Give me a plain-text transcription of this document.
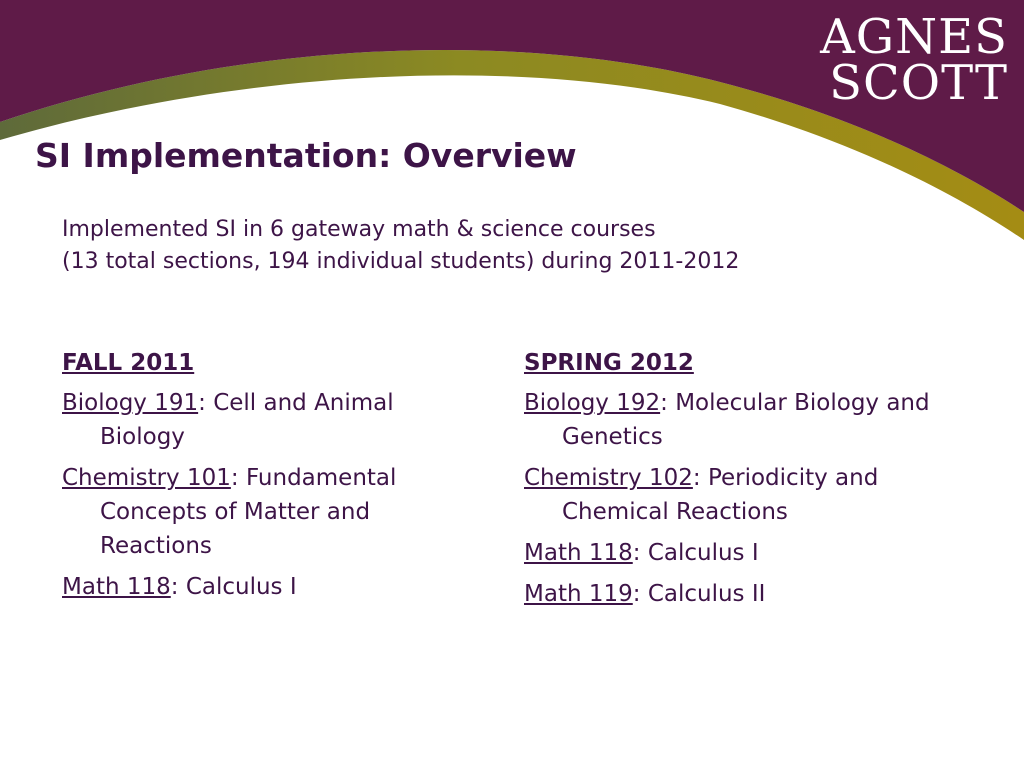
AGNES
SCOTT
SI Implementation: Overview
Implemented SI in 6 gateway math & science courses
(13 total sections, 194 individual students) during 2011-2012
FALL 2011
Biology 191: Cell and Animal Biology
Chemistry 101: Fundamental Concepts of Matter and Reactions
Math 118: Calculus I
SPRING 2012
Biology 192: Molecular Biology and Genetics
Chemistry 102: Periodicity and Chemical Reactions
Math 118: Calculus I
Math 119: Calculus II
